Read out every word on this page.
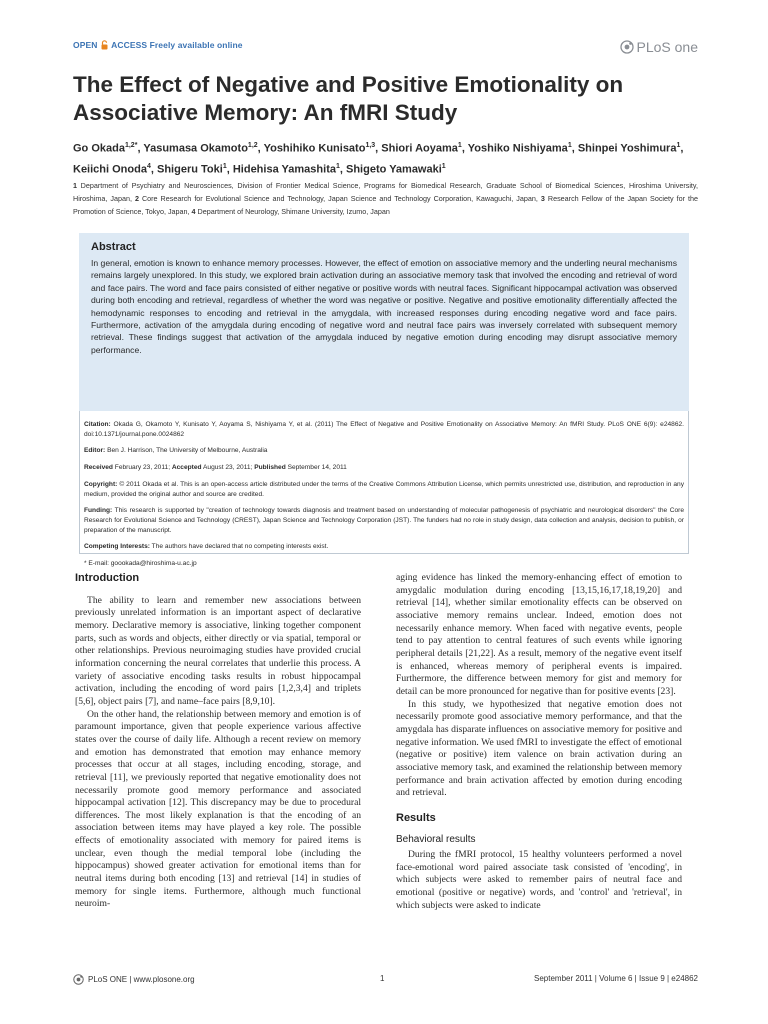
OPEN ACCESS Freely available online	PLoS one
The Effect of Negative and Positive Emotionality on Associative Memory: An fMRI Study
Go Okada$^{1,2*}$, Yasumasa Okamoto$^{1,2}$, Yoshihiko Kunisato$^{1,3}$, Shiori Aoyama$^1$, Yoshiko Nishiyama$^1$, Shinpei Yoshimura$^1$, Keiichi Onoda$^4$, Shigeru Toki$^1$, Hidehisa Yamashita$^1$, Shigeto Yamawaki$^1$
1 Department of Psychiatry and Neurosciences, Division of Frontier Medical Science, Programs for Biomedical Research, Graduate School of Biomedical Sciences, Hiroshima University, Hiroshima, Japan, 2 Core Research for Evolutional Science and Technology, Japan Science and Technology Corporation, Kawaguchi, Japan, 3 Research Fellow of the Japan Society for the Promotion of Science, Tokyo, Japan, 4 Department of Neurology, Shimane University, Izumo, Japan
Abstract
In general, emotion is known to enhance memory processes. However, the effect of emotion on associative memory and the underling neural mechanisms remains largely unexplored. In this study, we explored brain activation during an associative memory task that involved the encoding and retrieval of word and face pairs. The word and face pairs consisted of either negative or positive words with neutral faces. Significant hippocampal activation was observed during both encoding and retrieval, regardless of whether the word was negative or positive. Negative and positive emotionality differentially affected the hemodynamic responses to encoding and retrieval in the amygdala, with increased responses during encoding negative word and face pairs. Furthermore, activation of the amygdala during encoding of negative word and neutral face pairs was inversely correlated with subsequent memory retrieval. These findings suggest that activation of the amygdala induced by negative emotion during encoding may disrupt associative memory performance.

Citation: Okada G, Okamoto Y, Kunisato Y, Aoyama S, Nishiyama Y, et al. (2011) The Effect of Negative and Positive Emotionality on Associative Memory: An fMRI Study. PLoS ONE 6(9): e24862. doi:10.1371/journal.pone.0024862

Editor: Ben J. Harrison, The University of Melbourne, Australia

Received February 23, 2011; Accepted August 23, 2011; Published September 14, 2011

Copyright: © 2011 Okada et al. This is an open-access article distributed under the terms of the Creative Commons Attribution License, which permits unrestricted use, distribution, and reproduction in any medium, provided the original author and source are credited.

Funding: This research is supported by "creation of technology towards diagnosis and treatment based on understanding of molecular pathogenesis of psychiatric and neurological disorders" the Core Research for Evolutional Science and Technology (CREST), Japan Science and Technology Corporation (JST). The funders had no role in study design, data collection and analysis, decision to publish, or preparation of the manuscript.

Competing Interests: The authors have declared that no competing interests exist.

* E-mail: goookada@hiroshima-u.ac.jp

Introduction

The ability to learn and remember new associations between previously unrelated information is an important aspect of declarative memory. Declarative memory is associative, linking together component parts, such as words and objects, either directly or via spatial, temporal or other relationships. Previous neuroimaging studies have provided crucial information concerning the neural correlates that underlie this process. A variety of associative encoding tasks results in robust hippocampal activation, including the encoding of word pairs [1,2,3,4] and triplets [5,6], object pairs [7], and name–face pairs [8,9,10].

On the other hand, the relationship between memory and emotion is of paramount importance, given that people experience various affective states over the course of daily life. Although a recent review on memory and emotion has demonstrated that emotion may enhance memory processes that occur at all stages, including encoding, storage, and retrieval [11], we previously reported that negative emotionality does not necessarily promote good memory performance and associated hippocampal activation [12]. This discrepancy may be due to procedural differences. The most likely explanation is that the encoding of an association between items may have played a key role. The possible effects of emotionality associated with memory for paired items is unclear, even though the medial temporal lobe (including the hippocampus) showed greater activation for emotional items than for neutral items during both encoding [13] and retrieval [14] in studies of memory for single items. Furthermore, although much functional neuroim-

aging evidence has linked the memory-enhancing effect of emotion to amygdalic modulation during encoding [13,15,16,17,18,19,20] and retrieval [14], whether similar emotionality effects can be observed on associative memory remains unclear. Indeed, emotion does not necessarily enhance memory. When faced with negative events, people tend to pay attention to central features of such events while ignoring peripheral details [21,22]. As a result, memory of the negative event itself is enhanced, whereas memory of peripheral events is impaired. Furthermore, the difference between memory for gist and memory for detail can be more pronounced for negative than for positive events [23].

In this study, we hypothesized that negative emotion does not necessarily promote good associative memory performance, and that the amygdala has disparate influences on associative memory for positive and negative information. We used fMRI to investigate the effect of emotional (negative or positive) item valence on brain activation during an associative memory task, and examined the relationship between memory performance and brain activation affected by emotion during encoding and retrieval.

Results
Behavioral results

During the fMRI protocol, 15 healthy volunteers performed a novel face-emotional word paired associate task consisted of 'encoding', in which subjects were asked to remember pairs of neutral face and emotional (positive or negative) words, and 'control' and 'retrieval', in which subjects were asked to indicate

PLoS ONE | www.plosone.org	1	September 2011 | Volume 6 | Issue 9 | e24862
